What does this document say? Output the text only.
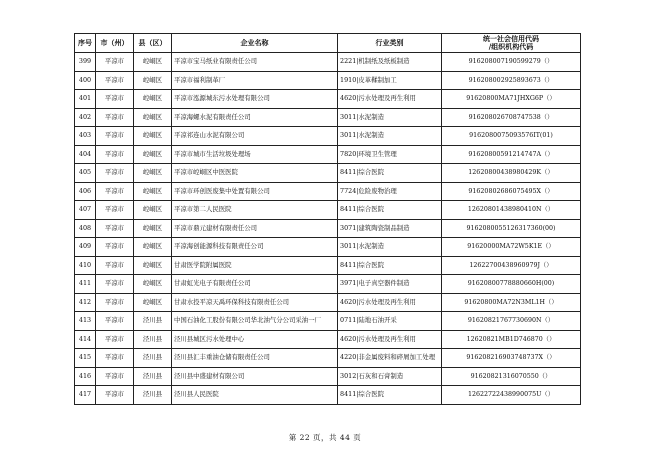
序号	市（州）	县（区）	企业名称	行业类别	统一社会信用代码
/组织机构代码
399	平凉市	崆峒区	平凉市宝马纸业有限责任公司	2221|机制纸及纸板制造	916208007190599279（）
400	平凉市	崆峒区	平凉市福利制革厂	1910|皮革鞣制加工	916208002925893673（）
401	平凉市	崆峒区	平凉市泓源城东污水处理有限公司	4620|污水处理及再生利用	91620800MA71JHXG6P（）
402	平凉市	崆峒区	平凉海螺水泥有限责任公司	3011|水泥制造	916208026708747538（）
403	平凉市	崆峒区	平凉祁连山水泥有限公司	3011|水泥制造	9162080075093576IT(01)
404	平凉市	崆峒区	平凉市城市生活垃圾处理场	7820|环境卫生管理	91620800591214747A（）
405	平凉市	崆峒区	平凉市崆峒区中医医院	8411|综合医院	12620800438980429K（）
406	平凉市	崆峒区	平凉市环创医废集中处置有限公司	7724|危险废物治理	91620802686075495X（）
407	平凉市	崆峒区	平凉市第二人民医院	8411|综合医院	12620801438980410N（）
408	平凉市	崆峒区	平凉市鼎元建材有限责任公司	3071|建筑陶瓷制品制造	9162080055126317360(00)
409	平凉市	崆峒区	平凉海创能源科技有限责任公司	3011|水泥制造	91620000MA72W5K1E（）
410	平凉市	崆峒区	甘肃医学院附属医院	8411|综合医院	12622700438960979J（）
411	平凉市	崆峒区	甘肃虹光电子有限责任公司	3971|电子真空器件制造	91620800778880660H(00)
412	平凉市	崆峒区	甘肃水投平凉天禹环保科技有限责任公司	4620|污水处理及再生利用	91620800MA72N3ML1H（）
413	平凉市	泾川县	中国石油化工股份有限公司华北油气分公司采油一厂	0711|陆地石油开采	91620821767730690N（）
414	平凉市	泾川县	泾川县城区污水处理中心	4620|污水处理及再生利用	12620821MB1D746870（）
415	平凉市	泾川县	泾川县汇丰重油仓储有限责任公司	4220|非金属废料和碎屑加工处理	916208216903748737X（）
416	平凉市	泾川县	泾川县中盛建材有限公司	3012|石灰和石膏制造	91620821316070550（）
417	平凉市	泾川县	泾川县人民医院	8411|综合医院	12622722438990075U（）
第 22 页，共 44 页
